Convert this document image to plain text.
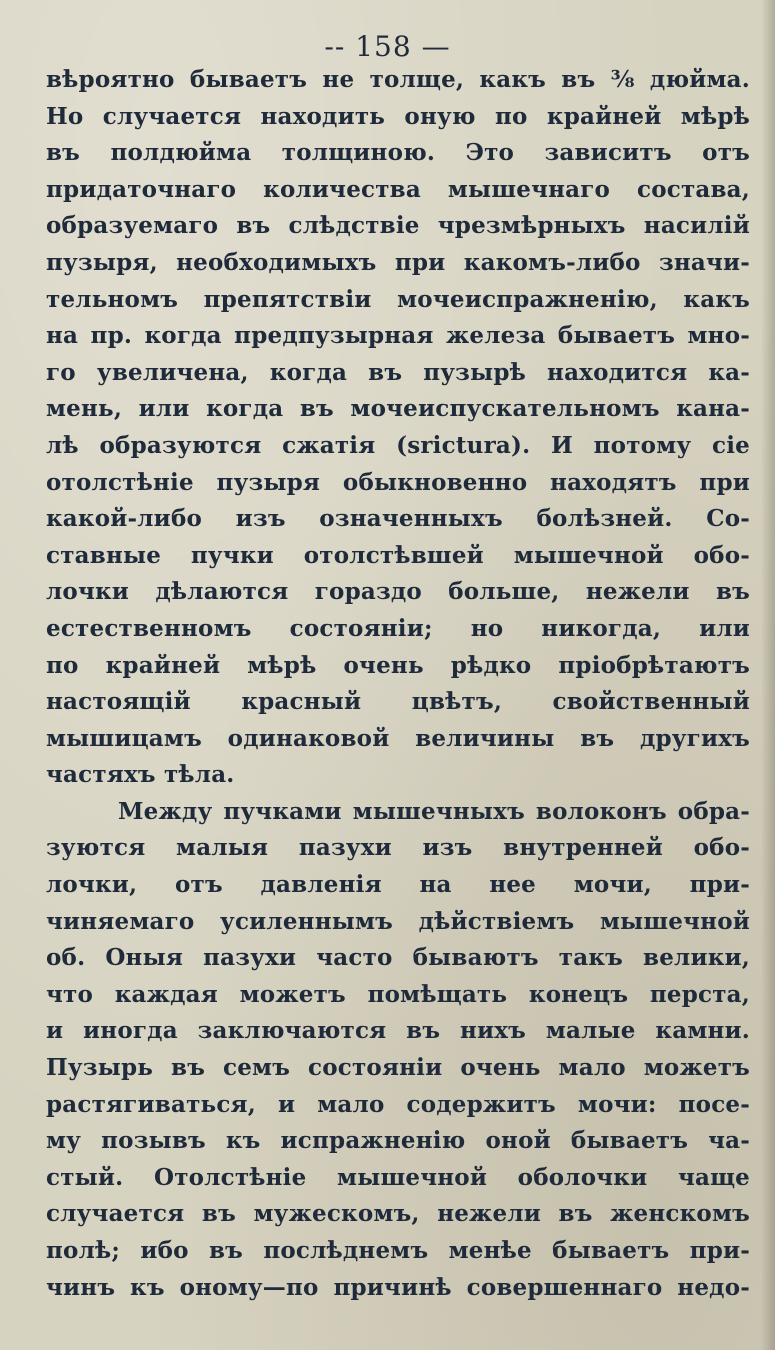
-- 158 —
вѣроятно бываетъ не толще, какъ въ ⅜ дюйма.
Но случается находить оную по крайней мѣрѣ
въ полдюйма толщиною. Это зависитъ отъ
придаточнаго количества мышечнаго состава,
образуемаго въ слѣдствіе чрезмѣрныхъ насилій
пузыря, необходимыхъ при какомъ-либо значи-
тельномъ препятствіи мочеиспражненію, какъ
на пр. когда предпузырная железа бываетъ мно-
го увеличена, когда въ пузырѣ находится ка-
мень, или когда въ мочеиспускательномъ кана-
лѣ образуются сжатія (sricturа). И потому сіе
отолстѣніе пузыря обыкновенно находятъ при
какой-либо изъ означенныхъ болѣзней. Со-
ставные пучки отолстѣвшей мышечной обо-
лочки дѣлаются гораздо больше, нежели въ
естественномъ состояніи; но никогда, или
по крайней мѣрѣ очень рѣдко пріобрѣтаютъ
настоящій красный цвѣтъ, свойственный
мышицамъ одинаковой величины въ другихъ
частяхъ тѣла.
Между пучками мышечныхъ волоконъ обра-
зуются малыя пазухи изъ внутренней обо-
лочки, отъ давленія на нее мочи, при-
чиняемаго усиленнымъ дѣйствіемъ мышечной
об. Оныя пазухи часто бываютъ такъ велики,
что каждая можетъ помѣщать конецъ перста,
и иногда заключаются въ нихъ малые камни.
Пузырь въ семъ состояніи очень мало можетъ
растягиваться, и мало содержитъ мочи: посе-
му позывъ къ испражненію оной бываетъ ча-
стый. Отолстѣніе мышечной оболочки чаще
случается въ мужескомъ, нежели въ женскомъ
полѣ; ибо въ послѣднемъ менѣе бываетъ при-
чинъ къ оному—по причинѣ совершеннаго недо-
